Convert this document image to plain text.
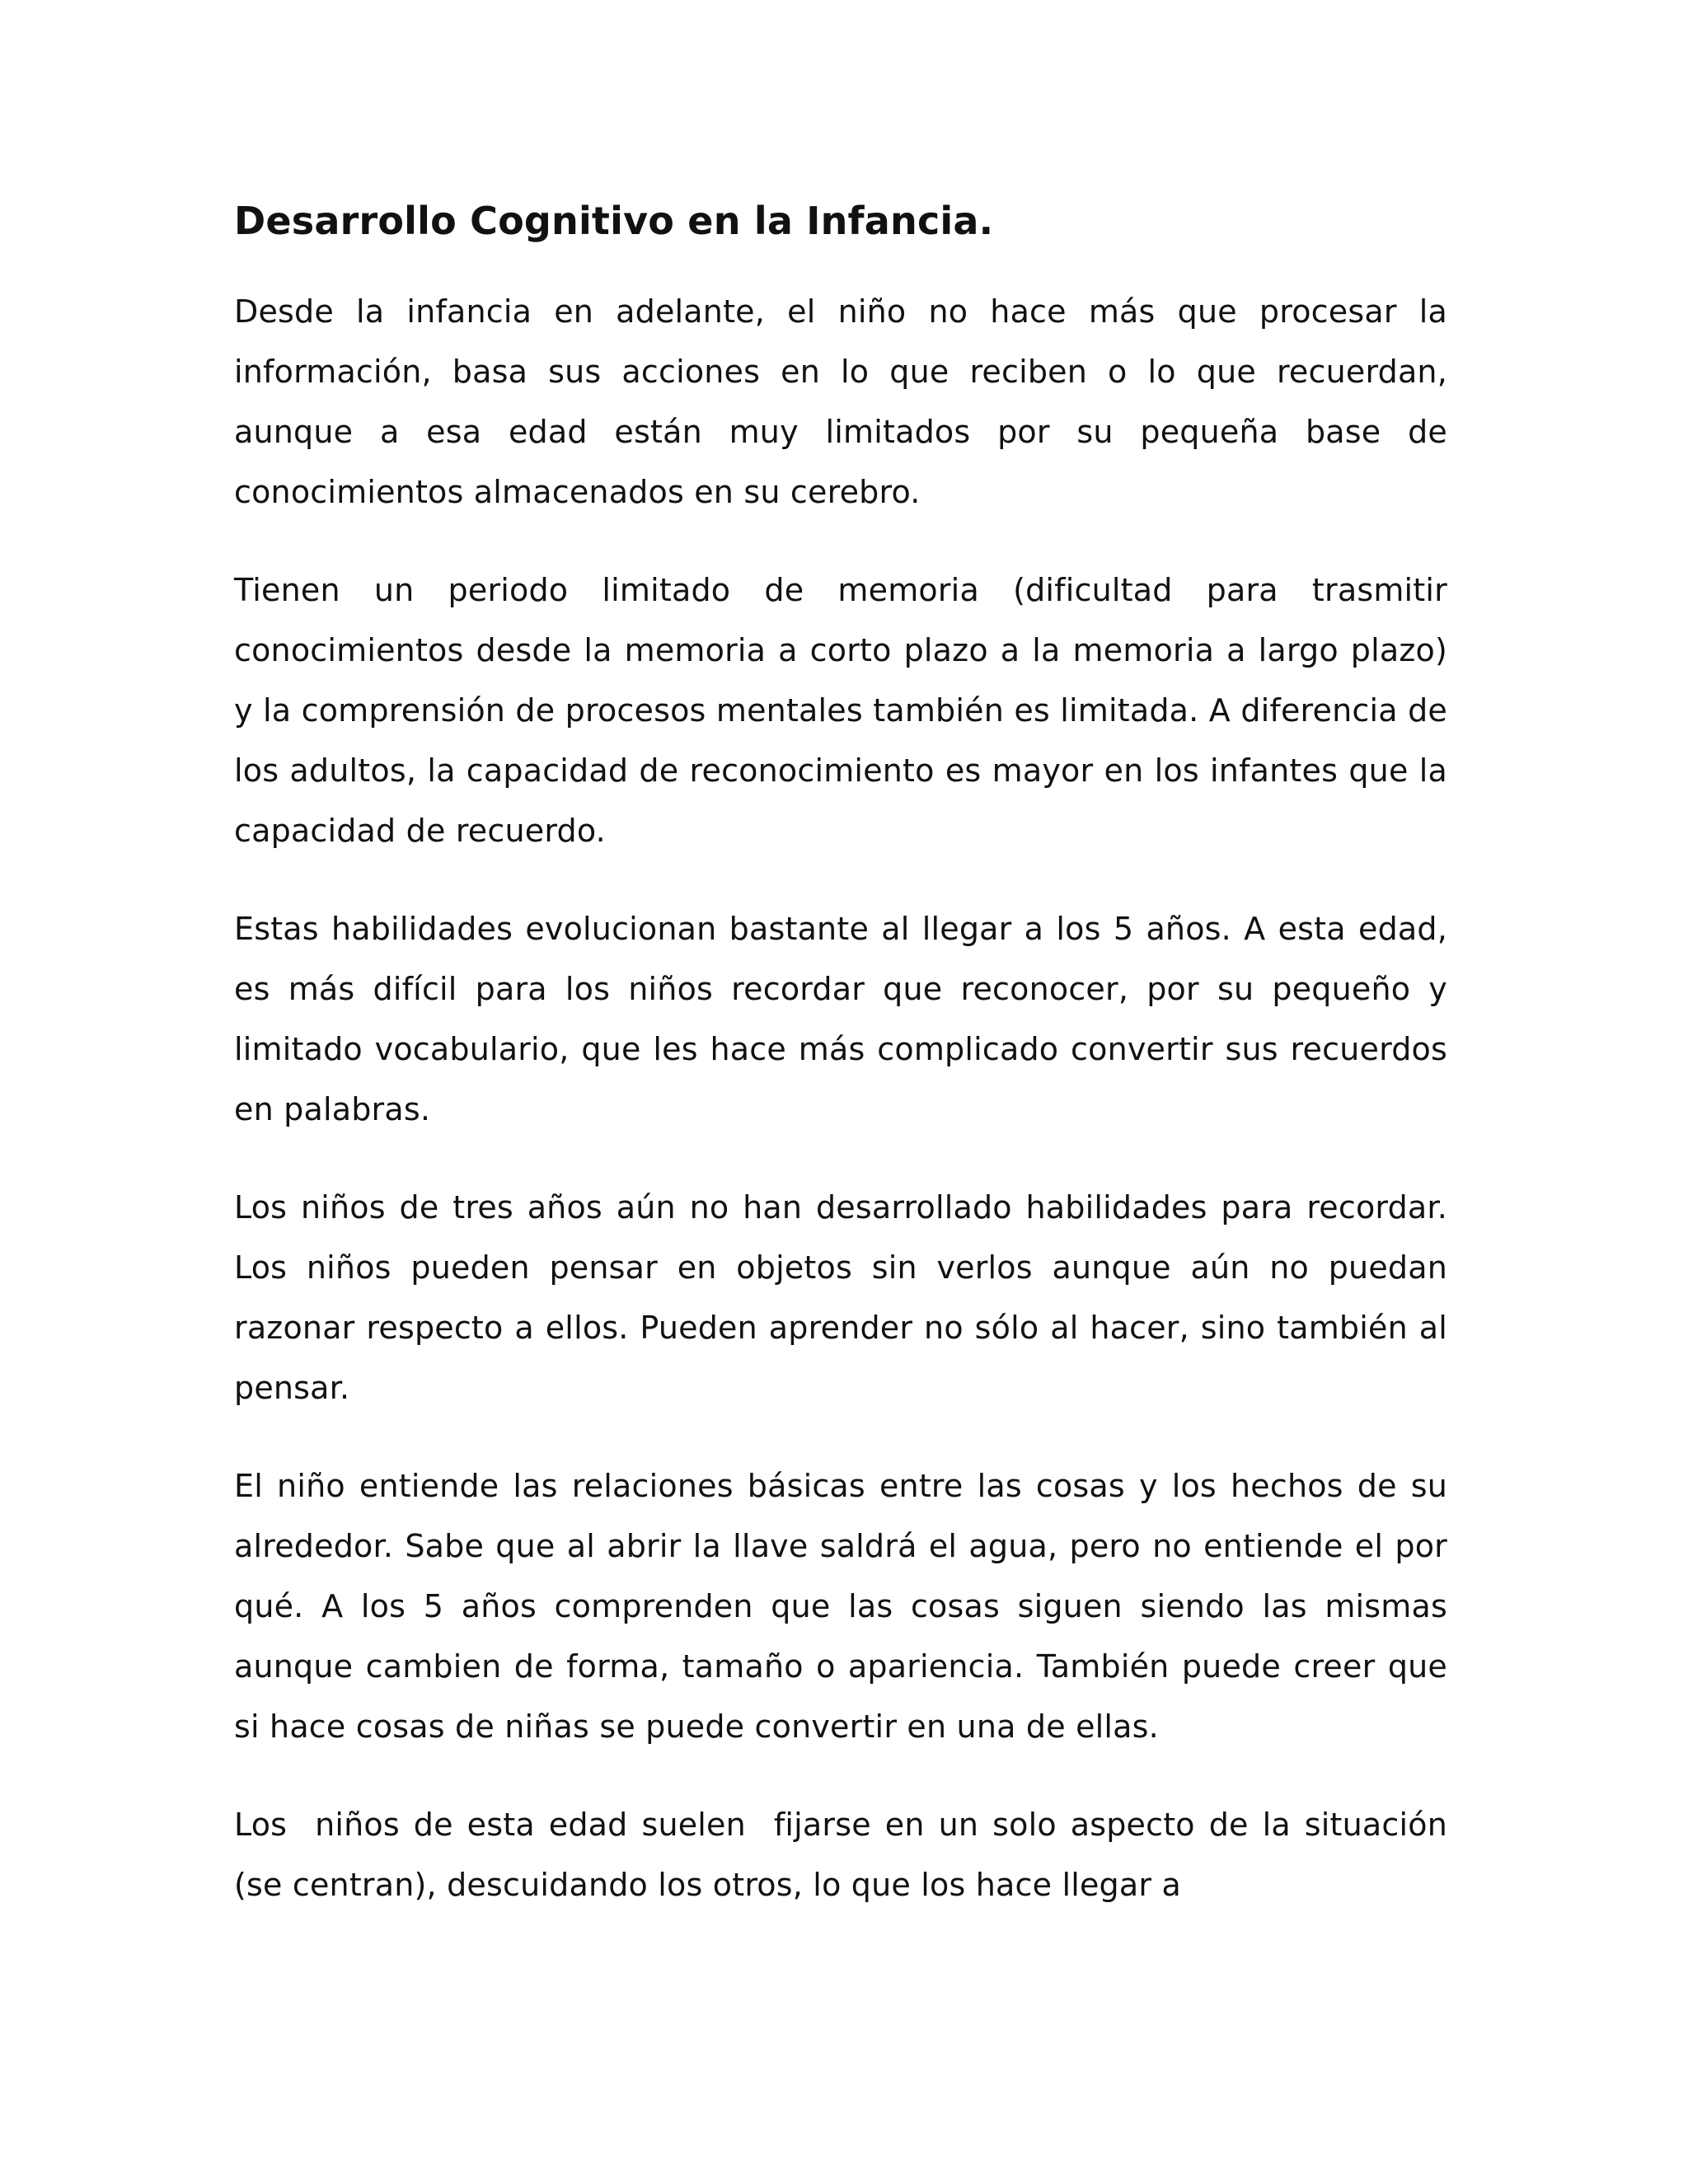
Desarrollo Cognitivo en la Infancia.

Desde la infancia en adelante, el niño no hace más que procesar la información, basa sus acciones en lo que reciben o lo que recuerdan, aunque a esa edad están muy limitados por su pequeña base de conocimientos almacenados en su cerebro.

Tienen un periodo limitado de memoria (dificultad para trasmitir conocimientos desde la memoria a corto plazo a la memoria a largo plazo) y la comprensión de procesos mentales también es limitada. A diferencia de los adultos, la capacidad de reconocimiento es mayor en los infantes que la capacidad de recuerdo.

Estas habilidades evolucionan bastante al llegar a los 5 años. A esta edad, es más difícil para los niños recordar que reconocer, por su pequeño y limitado vocabulario, que les hace más complicado convertir sus recuerdos en palabras.

Los niños de tres años aún no han desarrollado habilidades para recordar. Los niños pueden pensar en objetos sin verlos aunque aún no puedan razonar respecto a ellos. Pueden aprender no sólo al hacer, sino también al pensar.

El niño entiende las relaciones básicas entre las cosas y los hechos de su alrededor. Sabe que al abrir la llave saldrá el agua, pero no entiende el por qué. A los 5 años comprenden que las cosas siguen siendo las mismas aunque cambien de forma, tamaño o apariencia. También puede creer que si hace cosas de niñas se puede convertir en una de ellas.

Los  niños de esta edad suelen  fijarse en un solo aspecto de la situación (se centran), descuidando los otros, lo que los hace llegar a
